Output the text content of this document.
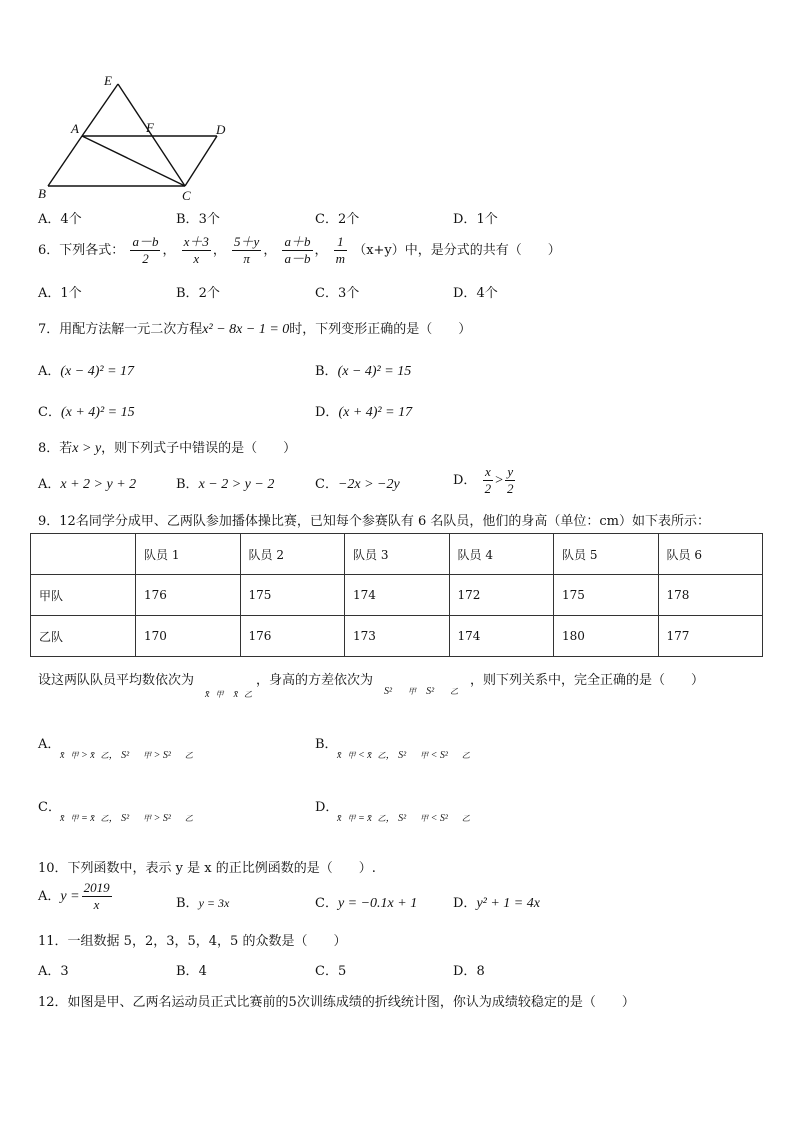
E
A	F	D
B	C
A．4个	B．3个	C．2个	D．1个
6．下列各式： $\frac{a-b}{2}$ ， $\frac{x+3}{x}$ ， $\frac{5+y}{\pi}$ ， $\frac{a+b}{a-b}$ ， $\frac{1}{m} (x+y)$中，是分式的共有（　　）
A．1个	B．2个	C．3个	D．4个
7．用配方法解一元二次方程x² − 8x − 1 = 0时，下列变形正确的是（　　）
A．(x − 4)² = 17	B．(x − 4)² = 15
C．(x + 4)² = 15	D．(x + 4)² = 17
8．若x > y，则下列式子中错误的是（　　）
A．x + 2 > y + 2	B．x − 2 > y − 2	C．−2x > −2y	D． $\frac{x}{2} > \frac{y}{2}$
9．12名同学分成甲、乙两队参加播体操比赛，已知每个参赛队有 6 名队员，他们的身高（单位：cm）如下表所示：
	队员 1	队员 2	队员 3	队员 4	队员 5	队员 6
甲队	176	175	174	172	175	178
乙队	170	176	173	174	180	177
设这两队队员平均数依次为	，身高的方差依次为	，则下列关系中，完全正确的是（　　）
x̄ 甲 x̄ 乙	S² 甲 S² 乙
A．
x̄ 甲 > x̄ 乙， S² 甲 > S² 乙
B．
x̄ 甲 < x̄ 乙， S² 甲 < S² 乙
C．
x̄ 甲 = x̄ 乙， S² 甲 > S² 乙
D．
x̄ 甲 = x̄ 乙， S² 甲 < S² 乙
10．下列函数中，表示 y 是 x 的正比例函数的是（　　）.
A．$y = \frac{2019}{x}$	B．y = 3x	C．y = −0.1x + 1	D．y² + 1 = 4x
11．一组数据 5，2，3，5，4，5 的众数是（　　）
A．3	B．4	C．5	D．8
12．如图是甲、乙两名运动员正式比赛前的5次训练成绩的折线统计图，你认为成绩较稳定的是（　　）
